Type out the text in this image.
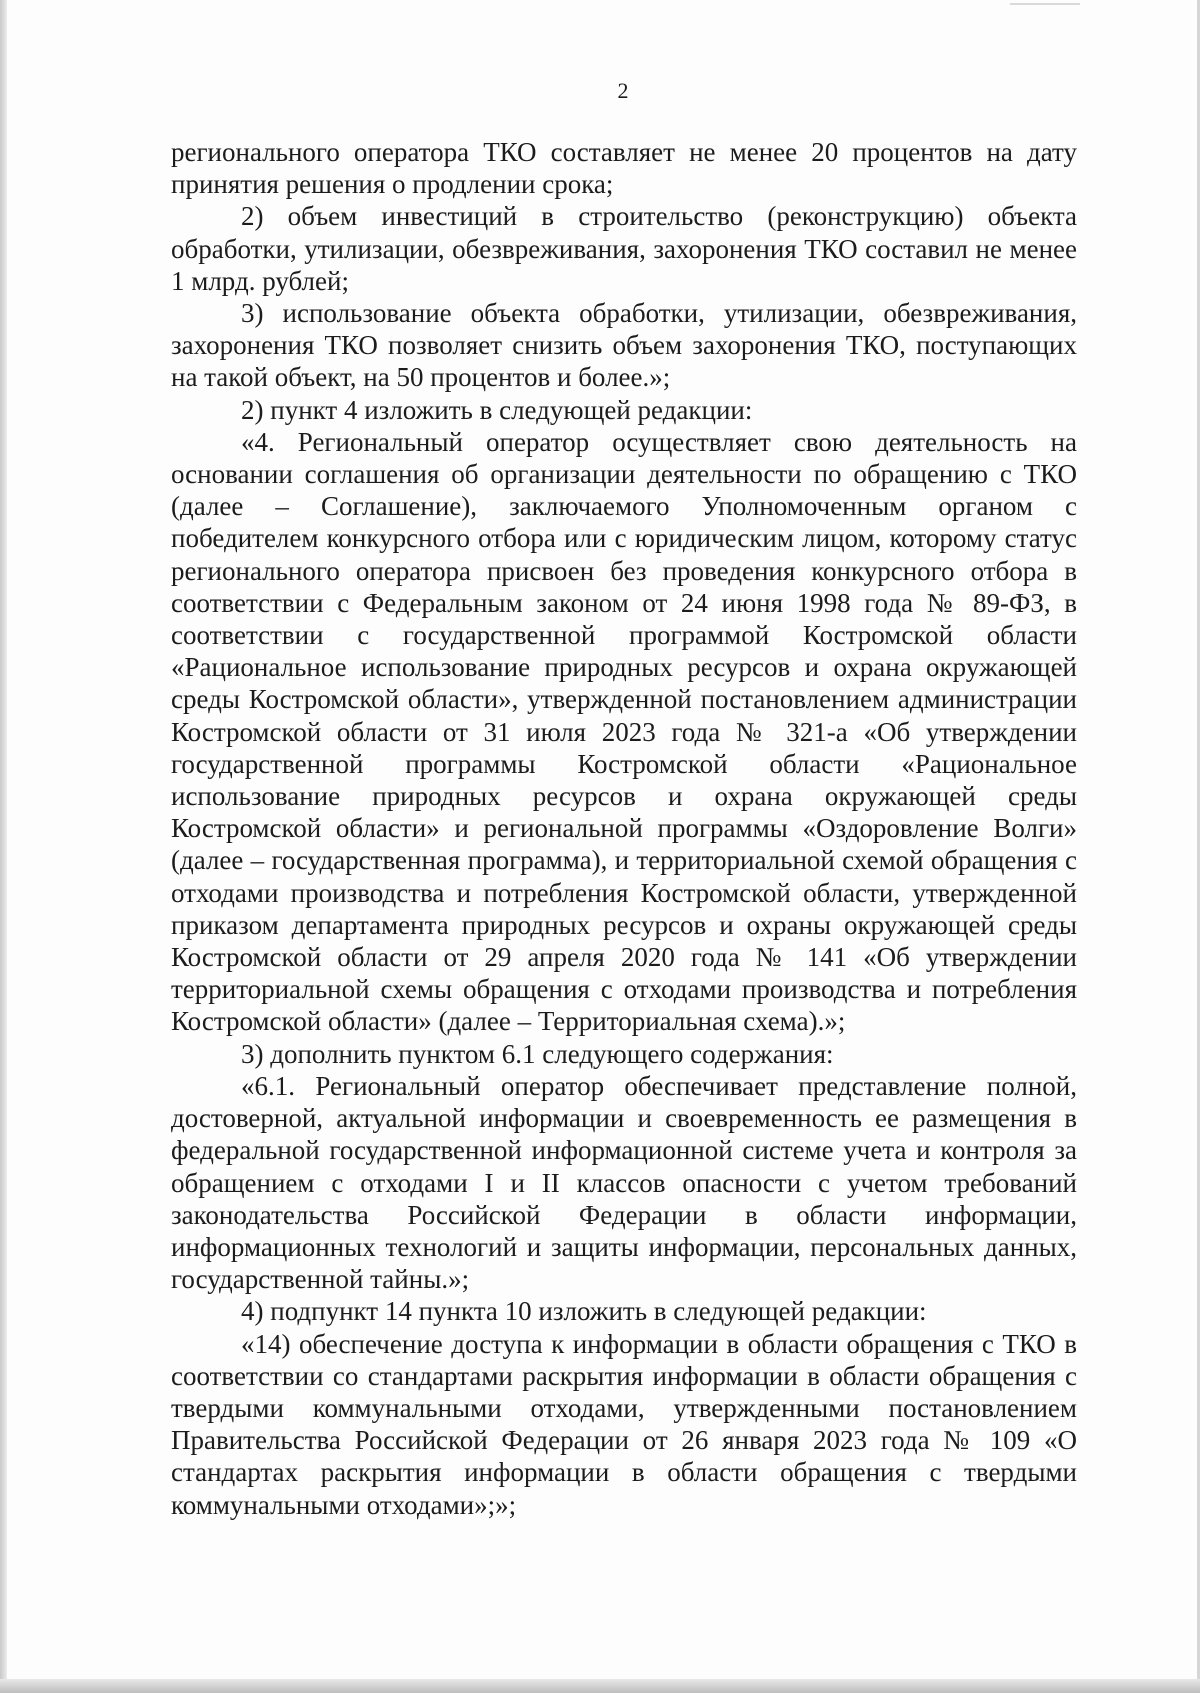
2

регионального оператора ТКО составляет не менее 20 процентов на дату принятия решения о продлении срока;

2) объем инвестиций в строительство (реконструкцию) объекта обработки, утилизации, обезвреживания, захоронения ТКО составил не менее 1 млрд. рублей;

3) использование объекта обработки, утилизации, обезвреживания, захоронения ТКО позволяет снизить объем захоронения ТКО, поступающих на такой объект, на 50 процентов и более.»;

2) пункт 4 изложить в следующей редакции:

«4. Региональный оператор осуществляет свою деятельность на основании соглашения об организации деятельности по обращению с ТКО (далее – Соглашение), заключаемого Уполномоченным органом с победителем конкурсного отбора или с юридическим лицом, которому статус регионального оператора присвоен без проведения конкурсного отбора в соответствии с Федеральным законом от 24 июня 1998 года № 89-ФЗ, в соответствии с государственной программой Костромской области «Рациональное использование природных ресурсов и охрана окружающей среды Костромской области», утвержденной постановлением администрации Костромской области от 31 июля 2023 года № 321-а «Об утверждении государственной программы Костромской области «Рациональное использование природных ресурсов и охрана окружающей среды Костромской области» и региональной программы «Оздоровление Волги» (далее – государственная программа), и территориальной схемой обращения с отходами производства и потребления Костромской области, утвержденной приказом департамента природных ресурсов и охраны окружающей среды Костромской области от 29 апреля 2020 года № 141 «Об утверждении территориальной схемы обращения с отходами производства и потребления Костромской области» (далее – Территориальная схема).»;

3) дополнить пунктом 6.1 следующего содержания:

«6.1. Региональный оператор обеспечивает представление полной, достоверной, актуальной информации и своевременность ее размещения в федеральной государственной информационной системе учета и контроля за обращением с отходами I и II классов опасности с учетом требований законодательства Российской Федерации в области информации, информационных технологий и защиты информации, персональных данных, государственной тайны.»;

4) подпункт 14 пункта 10 изложить в следующей редакции:

«14) обеспечение доступа к информации в области обращения с ТКО в соответствии со стандартами раскрытия информации в области обращения с твердыми коммунальными отходами, утвержденными постановлением Правительства Российской Федерации от 26 января 2023 года № 109 «О стандартах раскрытия информации в области обращения с твердыми коммунальными отходами»;»;
